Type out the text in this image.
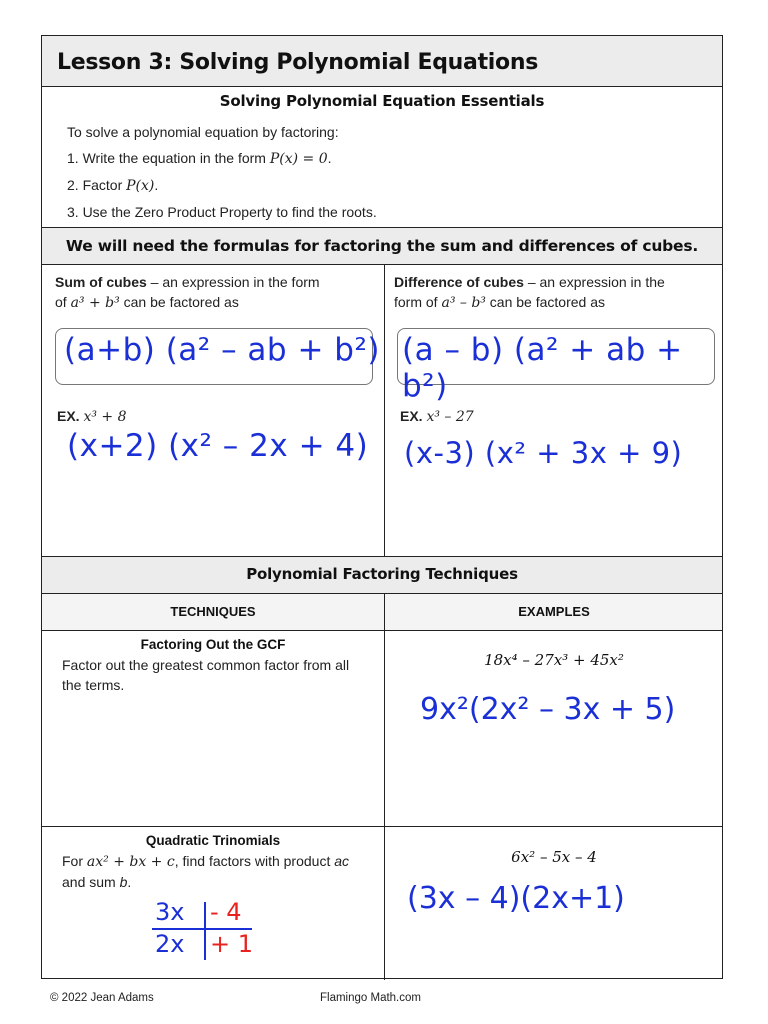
Lesson 3: Solving Polynomial Equations
Solving Polynomial Equation Essentials
To solve a polynomial equation by factoring:
1. Write the equation in the form P(x) = 0.
2. Factor P(x).
3. Use the Zero Product Property to find the roots.
We will need the formulas for factoring the sum and differences of cubes.
Sum of cubes – an expression in the form
of a³ + b³ can be factored as
(a+b) (a² – ab + b²)
EX. x³ + 8
(x+2) (x² – 2x + 4)
Difference of cubes – an expression in the
form of a³ – b³ can be factored as
(a – b) (a² + ab + b²)
EX. x³ – 27
(x-3) (x² + 3x + 9)
Polynomial Factoring Techniques
TECHNIQUES	EXAMPLES
Factoring Out the GCF
Factor out the greatest common factor from all the terms.
18x⁴ – 27x³ + 45x²
9x²(2x² – 3x + 5)
Quadratic Trinomials
For ax² + bx + c, find factors with product ac and sum b.
3x - 4
2x + 1
6x² – 5x – 4
(3x – 4)(2x+1)
© 2022 Jean Adams	Flamingo Math.com
